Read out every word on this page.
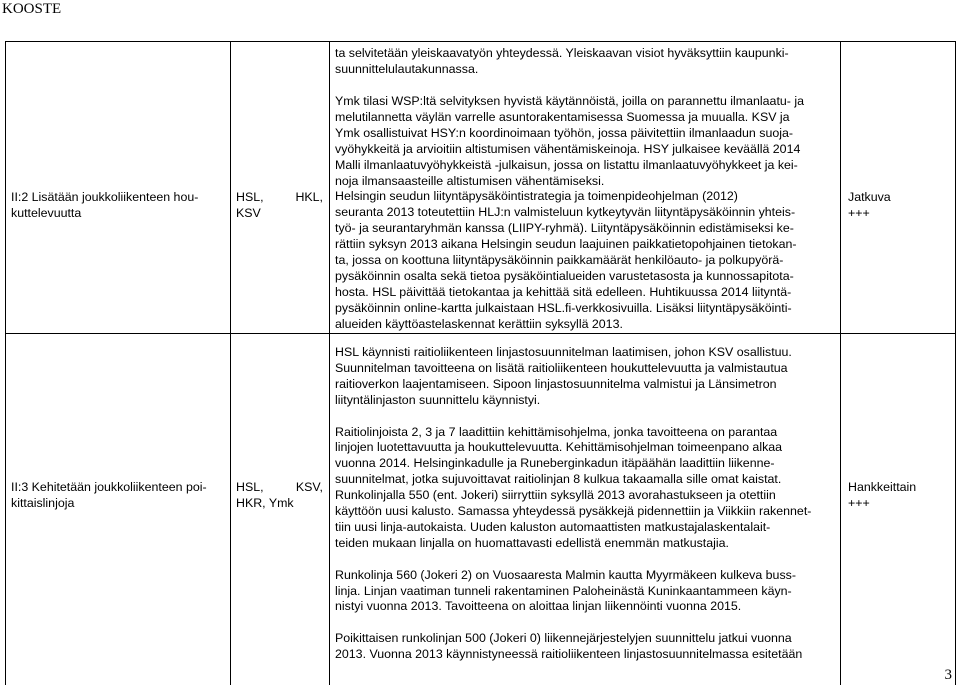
KOOSTE
II:2 Lisätään joukkoliikenteen hou-
kuttelevuutta
HSL,	HKL,
KSV
ta selvitetään yleiskaavatyön yhteydessä. Yleiskaavan visiot hyväksyttiin kaupunki-
suunnittelulautakunnassa.
Ymk tilasi WSP:ltä selvityksen hyvistä käytännöistä, joilla on parannettu ilmanlaatu- ja
melutilannetta väylän varrelle asuntorakentamisessa Suomessa ja muualla. KSV ja
Ymk osallistuivat HSY:n koordinoimaan työhön, jossa päivitettiin ilmanlaadun suoja-
vyöhykkeitä ja arvioitiin altistumisen vähentämiskeinoja. HSY julkaisee keväällä 2014
Malli ilmanlaatuvyöhykkeistä -julkaisun, jossa on listattu ilmanlaatuvyöhykkeet ja kei-
noja ilmansaasteille altistumisen vähentämiseksi.
Helsingin seudun liityntäpysäköintistrategia ja toimenpideohjelman (2012)
seuranta 2013 toteutettiin HLJ:n valmisteluun kytkeytyvän liityntäpysäköinnin yhteis-
työ- ja seurantaryhmän kanssa (LIIPY-ryhmä). Liityntäpysäköinnin edistämiseksi ke-
rättiin syksyn 2013 aikana Helsingin seudun laajuinen paikkatietopohjainen tietokan-
ta, jossa on koottuna liityntäpysäköinnin paikkamäärät henkilöauto- ja polkupyörä-
pysäköinnin osalta sekä tietoa pysäköintialueiden varustetasosta ja kunnossapitota-
hosta. HSL päivittää tietokantaa ja kehittää sitä edelleen. Huhtikuussa 2014 liityntä-
pysäköinnin online-kartta julkaistaan HSL.fi-verkkosivuilla. Lisäksi liityntäpysäköinti-
alueiden käyttöastelaskennat kerättiin syksyllä 2013.
Jatkuva
+++
II:3 Kehitetään joukkoliikenteen poi-
kittaislinjoja
HSL,	KSV,
HKR, Ymk
HSL käynnisti raitioliikenteen linjastosuunnitelman laatimisen, johon KSV osallistuu.
Suunnitelman tavoitteena on lisätä raitioliikenteen houkuttelevuutta ja valmistautua
raitioverkon laajentamiseen. Sipoon linjastosuunnitelma valmistui ja Länsimetron
liityntälinjaston suunnittelu käynnistyi.
Raitiolinjoista 2, 3 ja 7 laadittiin kehittämisohjelma, jonka tavoitteena on parantaa
linjojen luotettavuutta ja houkuttelevuutta. Kehittämisohjelman toimeenpano alkaa
vuonna 2014. Helsinginkadulle ja Runeberginkadun itäpäähän laadittiin liikenne-
suunnitelmat, jotka sujuvoittavat raitiolinjan 8 kulkua takaamalla sille omat kaistat.
Runkolinjalla 550 (ent. Jokeri) siirryttiin syksyllä 2013 avorahastukseen ja otettiin
käyttöön uusi kalusto. Samassa yhteydessä pysäkkejä pidennettiin ja Viikkiin rakennet-
tiin uusi linja-autokaista. Uuden kaluston automaattisten matkustajalaskentalait-
teiden mukaan linjalla on huomattavasti edellistä enemmän matkustajia.
Runkolinja 560 (Jokeri 2) on Vuosaaresta Malmin kautta Myyrmäkeen kulkeva buss-
linja. Linjan vaatiman tunneli rakentaminen Paloheinästä Kuninkaantammeen käyn-
nistyi vuonna 2013. Tavoitteena on aloittaa linjan liikennöinti vuonna 2015.
Poikittaisen runkolinjan 500 (Jokeri 0) liikennejärjestelyjen suunnittelu jatkui vuonna
2013. Vuonna 2013 käynnistyneessä raitioliikenteen linjastosuunnitelmassa esitetään
Hankkeittain
+++
3
